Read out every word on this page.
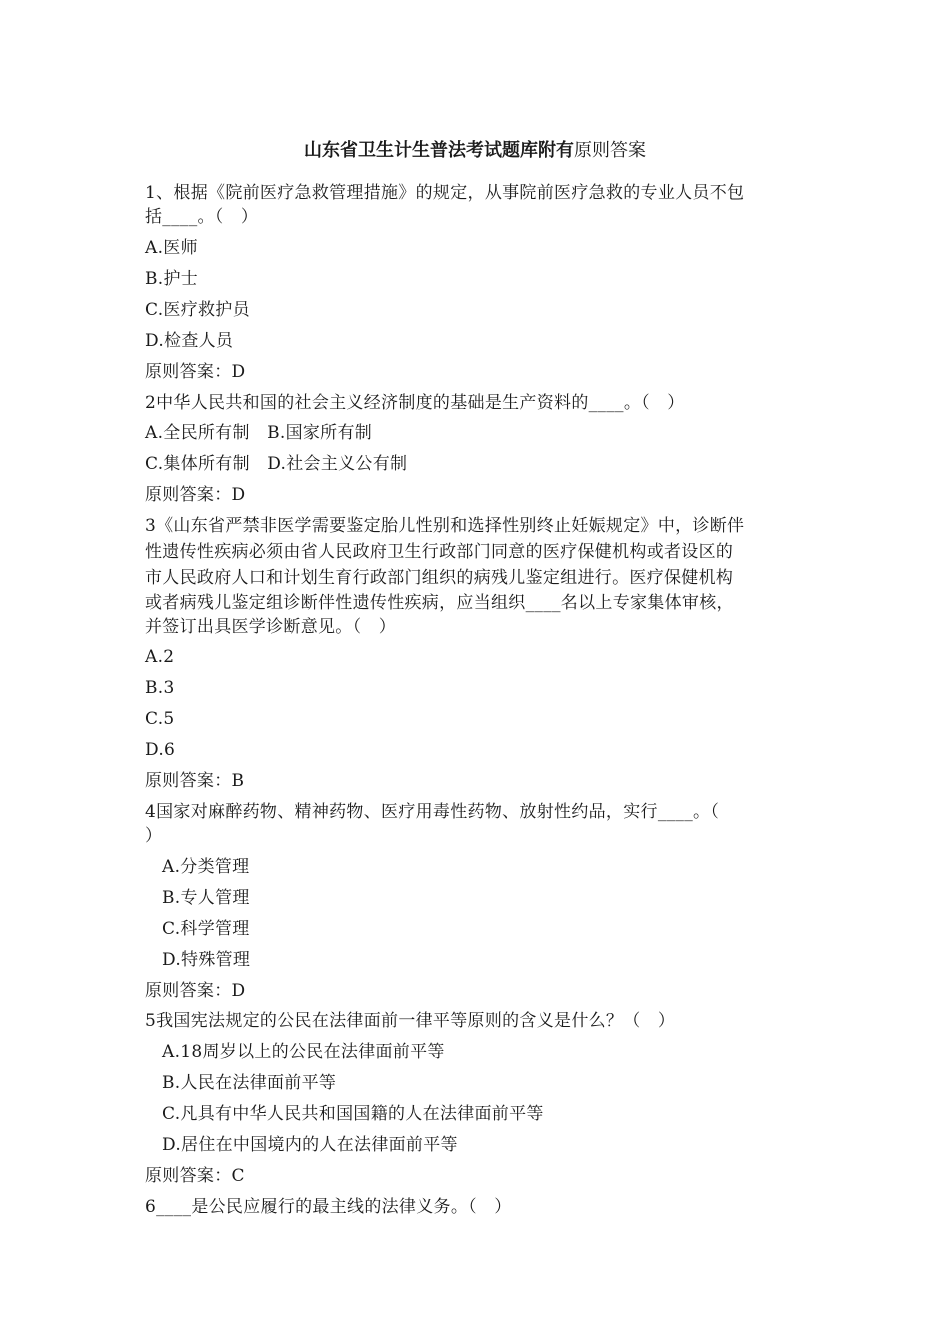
山东省卫生计生普法考试题库附有原则答案
1、根据《院前医疗急救管理措施》的规定，从事院前医疗急救的专业人员不包
括____。（　）
A.医师
B.护士
C.医疗救护员
D.检查人员
原则答案：D
2中华人民共和国的社会主义经济制度的基础是生产资料的____。（　）
A.全民所有制　B.国家所有制
C.集体所有制　D.社会主义公有制
原则答案：D
3《山东省严禁非医学需要鉴定胎儿性别和选择性别终止妊娠规定》中，诊断伴
性遗传性疾病必须由省人民政府卫生行政部门同意的医疗保健机构或者设区的
市人民政府人口和计划生育行政部门组织的病残儿鉴定组进行。医疗保健机构
或者病残儿鉴定组诊断伴性遗传性疾病，应当组织____名以上专家集体审核，
并签订出具医学诊断意见。（　）
A.2
B.3
C.5
D.6
原则答案：B
4国家对麻醉药物、精神药物、医疗用毒性药物、放射性约品，实行____。（
）
A.分类管理
B.专人管理
C.科学管理
D.特殊管理
原则答案：D
5我国宪法规定的公民在法律面前一律平等原则的含义是什么？（　）
A.18周岁以上的公民在法律面前平等
B.人民在法律面前平等
C.凡具有中华人民共和国国籍的人在法律面前平等
D.居住在中国境内的人在法律面前平等
原则答案：C
6____是公民应履行的最主线的法律义务。（　）
